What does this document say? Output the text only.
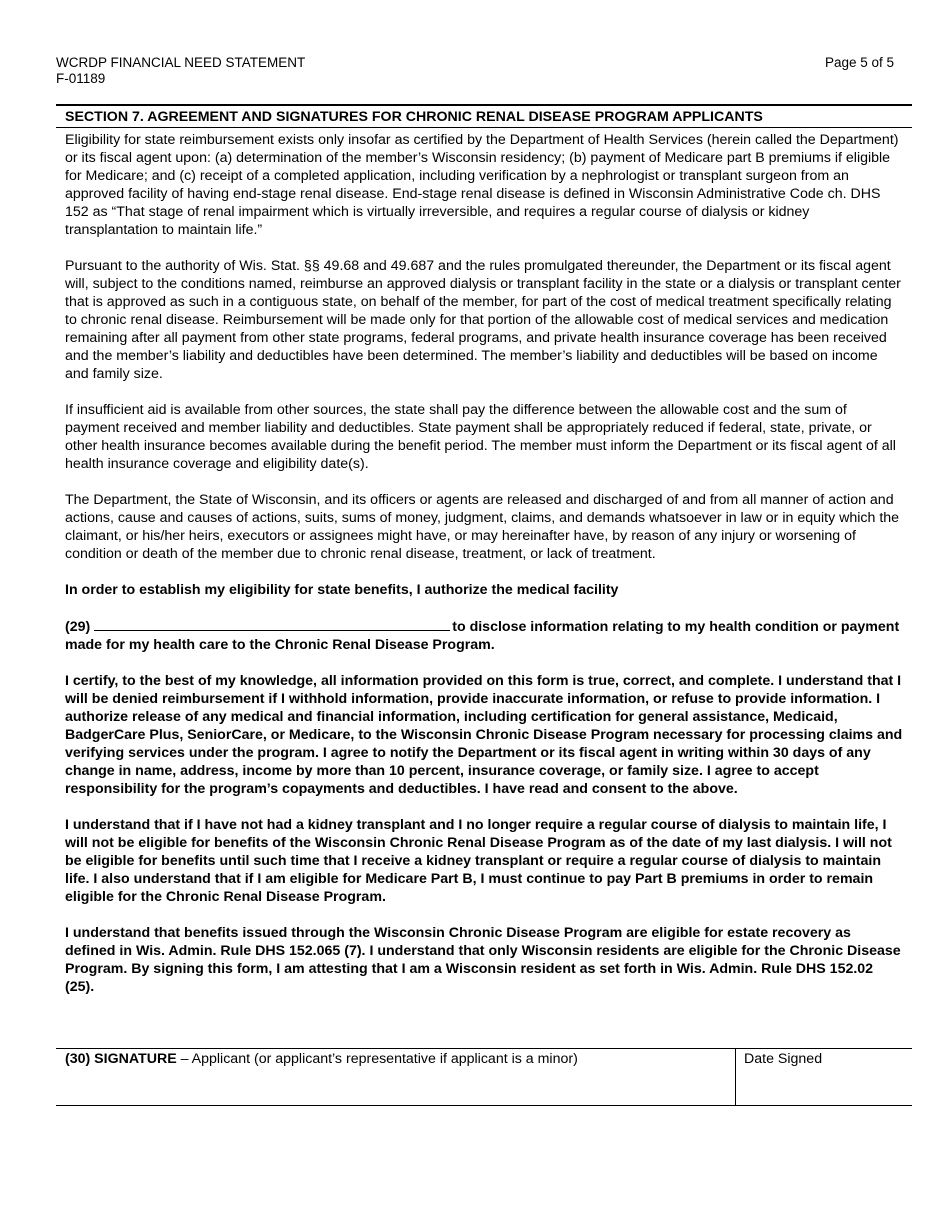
WCRDP FINANCIAL NEED STATEMENT
F-01189
Page 5 of 5
SECTION 7. AGREEMENT AND SIGNATURES FOR CHRONIC RENAL DISEASE PROGRAM APPLICANTS

Eligibility for state reimbursement exists only insofar as certified by the Department of Health Services (herein called the Department) or its fiscal agent upon: (a) determination of the member’s Wisconsin residency; (b) payment of Medicare part B premiums if eligible for Medicare; and (c) receipt of a completed application, including verification by a nephrologist or transplant surgeon from an approved facility of having end-stage renal disease. End-stage renal disease is defined in Wisconsin Administrative Code ch. DHS 152 as “That stage of renal impairment which is virtually irreversible, and requires a regular course of dialysis or kidney transplantation to maintain life.”

Pursuant to the authority of Wis. Stat. §§ 49.68 and 49.687 and the rules promulgated thereunder, the Department or its fiscal agent will, subject to the conditions named, reimburse an approved dialysis or transplant facility in the state or a dialysis or transplant center that is approved as such in a contiguous state, on behalf of the member, for part of the cost of medical treatment specifically relating to chronic renal disease. Reimbursement will be made only for that portion of the allowable cost of medical services and medication remaining after all payment from other state programs, federal programs, and private health insurance coverage has been received and the member’s liability and deductibles have been determined. The member’s liability and deductibles will be based on income and family size.

If insufficient aid is available from other sources, the state shall pay the difference between the allowable cost and the sum of payment received and member liability and deductibles. State payment shall be appropriately reduced if federal, state, private, or other health insurance becomes available during the benefit period. The member must inform the Department or its fiscal agent of all health insurance coverage and eligibility date(s).

The Department, the State of Wisconsin, and its officers or agents are released and discharged of and from all manner of action and actions, cause and causes of actions, suits, sums of money, judgment, claims, and demands whatsoever in law or in equity which the claimant, or his/her heirs, executors or assignees might have, or may hereinafter have, by reason of any injury or worsening of condition or death of the member due to chronic renal disease, treatment, or lack of treatment.

In order to establish my eligibility for state benefits, I authorize the medical facility

(29)	to disclose information relating to my health condition or payment made for my health care to the Chronic Renal Disease Program.

I certify, to the best of my knowledge, all information provided on this form is true, correct, and complete. I understand that I will be denied reimbursement if I withhold information, provide inaccurate information, or refuse to provide information. I authorize release of any medical and financial information, including certification for general assistance, Medicaid, BadgerCare Plus, SeniorCare, or Medicare, to the Wisconsin Chronic Disease Program necessary for processing claims and verifying services under the program. I agree to notify the Department or its fiscal agent in writing within 30 days of any change in name, address, income by more than 10 percent, insurance coverage, or family size. I agree to accept responsibility for the program’s copayments and deductibles. I have read and consent to the above.

I understand that if I have not had a kidney transplant and I no longer require a regular course of dialysis to maintain life, I will not be eligible for benefits of the Wisconsin Chronic Renal Disease Program as of the date of my last dialysis. I will not be eligible for benefits until such time that I receive a kidney transplant or require a regular course of dialysis to maintain life. I also understand that if I am eligible for Medicare Part B, I must continue to pay Part B premiums in order to remain eligible for the Chronic Renal Disease Program.

I understand that benefits issued through the Wisconsin Chronic Disease Program are eligible for estate recovery as defined in Wis. Admin. Rule DHS 152.065 (7). I understand that only Wisconsin residents are eligible for the Chronic Disease Program. By signing this form, I am attesting that I am a Wisconsin resident as set forth in Wis. Admin. Rule DHS 152.02 (25).

(30) SIGNATURE – Applicant (or applicant’s representative if applicant is a minor)	Date Signed
